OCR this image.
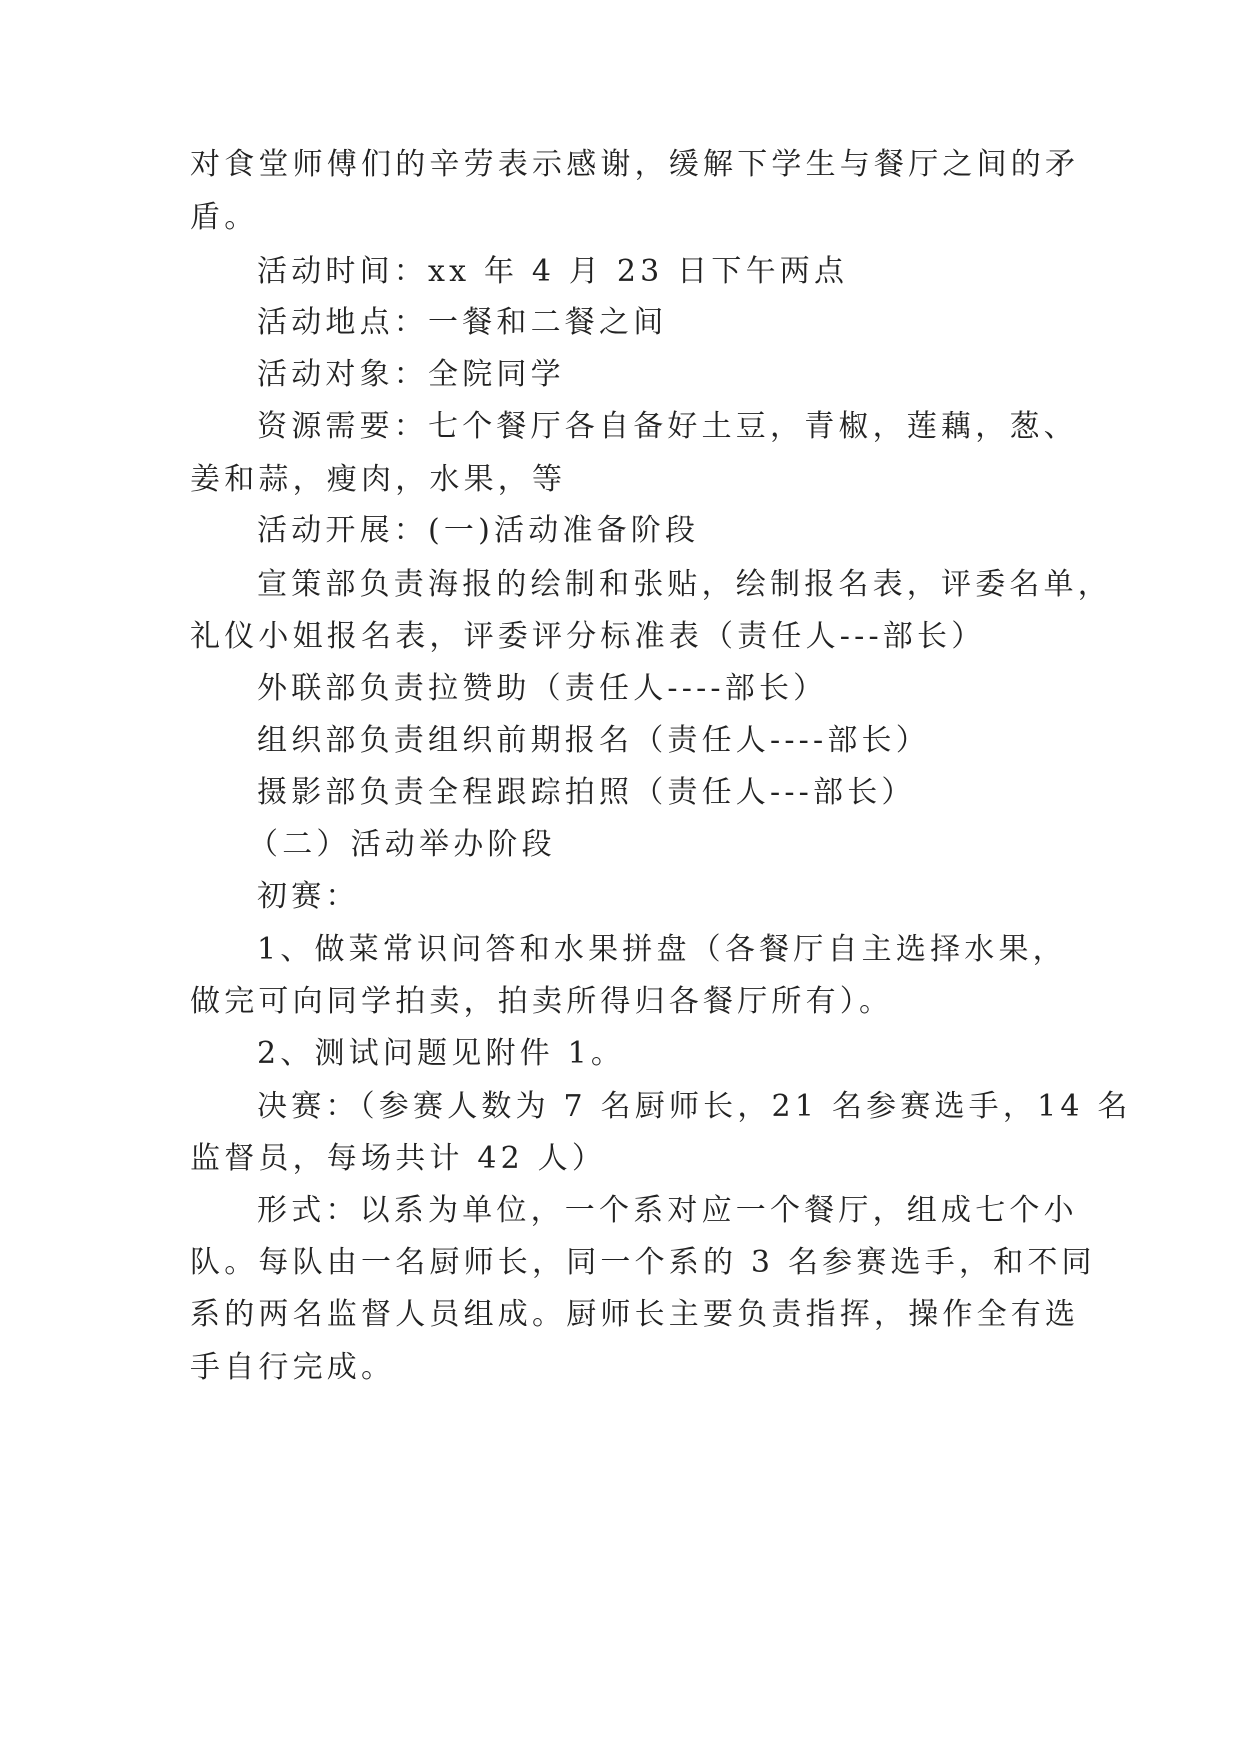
对食堂师傅们的辛劳表示感谢，缓解下学生与餐厅之间的矛
盾。
活动时间：xx 年 4 月 23 日下午两点
活动地点：一餐和二餐之间
活动对象：全院同学
资源需要：七个餐厅各自备好土豆，青椒，莲藕，葱、
姜和蒜，瘦肉，水果，等
活动开展：(一)活动准备阶段
宣策部负责海报的绘制和张贴，绘制报名表，评委名单，
礼仪小姐报名表，评委评分标准表（责任人---部长）
外联部负责拉赞助（责任人----部长）
组织部负责组织前期报名（责任人----部长）
摄影部负责全程跟踪拍照（责任人---部长）
（二）活动举办阶段
初赛：
1、做菜常识问答和水果拼盘（各餐厅自主选择水果，
做完可向同学拍卖，拍卖所得归各餐厅所有）。
2、测试问题见附件 1。
决赛：（参赛人数为 7 名厨师长，21 名参赛选手，14 名
监督员，每场共计 42 人）
形式：以系为单位，一个系对应一个餐厅，组成七个小
队。每队由一名厨师长，同一个系的 3 名参赛选手，和不同
系的两名监督人员组成。厨师长主要负责指挥，操作全有选
手自行完成。
